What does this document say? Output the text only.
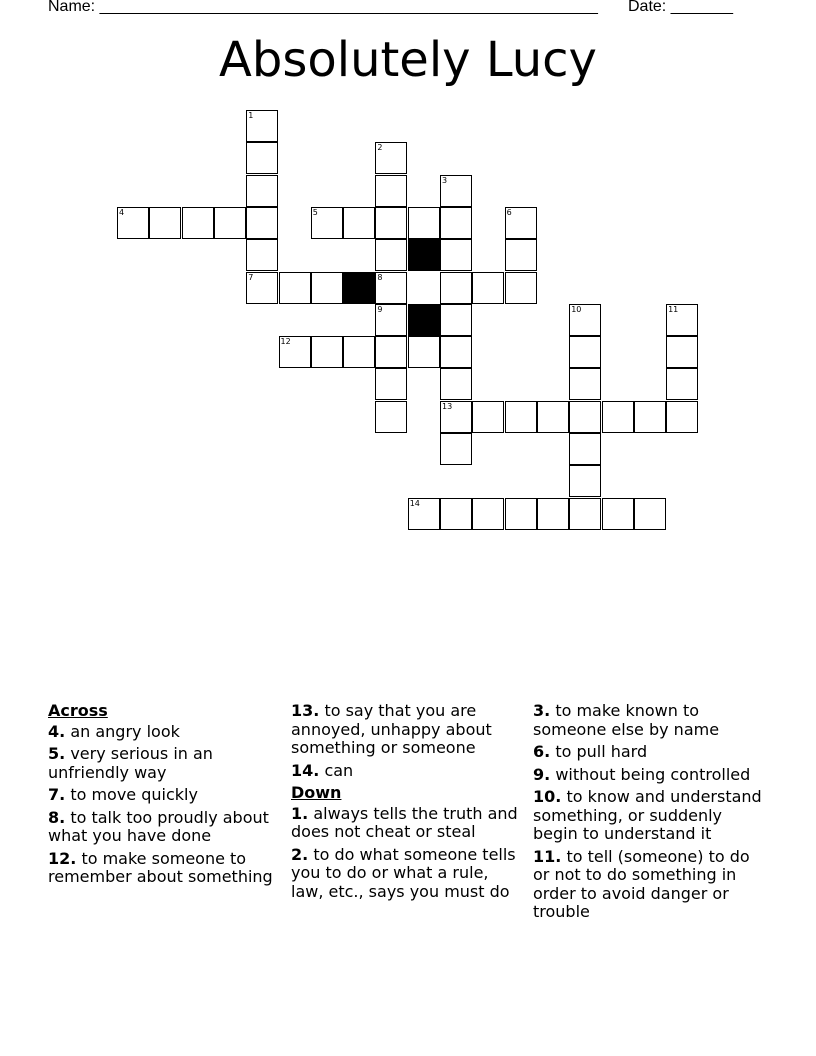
Name: ________________________________________________________ Date: _______
Absolutely Lucy
1
7
2
8
3
4	5	6
9	10	11
12
13
14
Across
4. an angry look
5. very serious in an unfriendly way
7. to move quickly
8. to talk too proudly about what you have done
12. to make someone to remember about something
13. to say that you are annoyed, unhappy about something or someone
14. can
Down
1. always tells the truth and does not cheat or steal
2. to do what someone tells you to do or what a rule, law, etc., says you must do
3. to make known to someone else by name
6. to pull hard
9. without being controlled
10. to know and understand something, or suddenly begin to understand it
11. to tell (someone) to do or not to do something in order to avoid danger or trouble
